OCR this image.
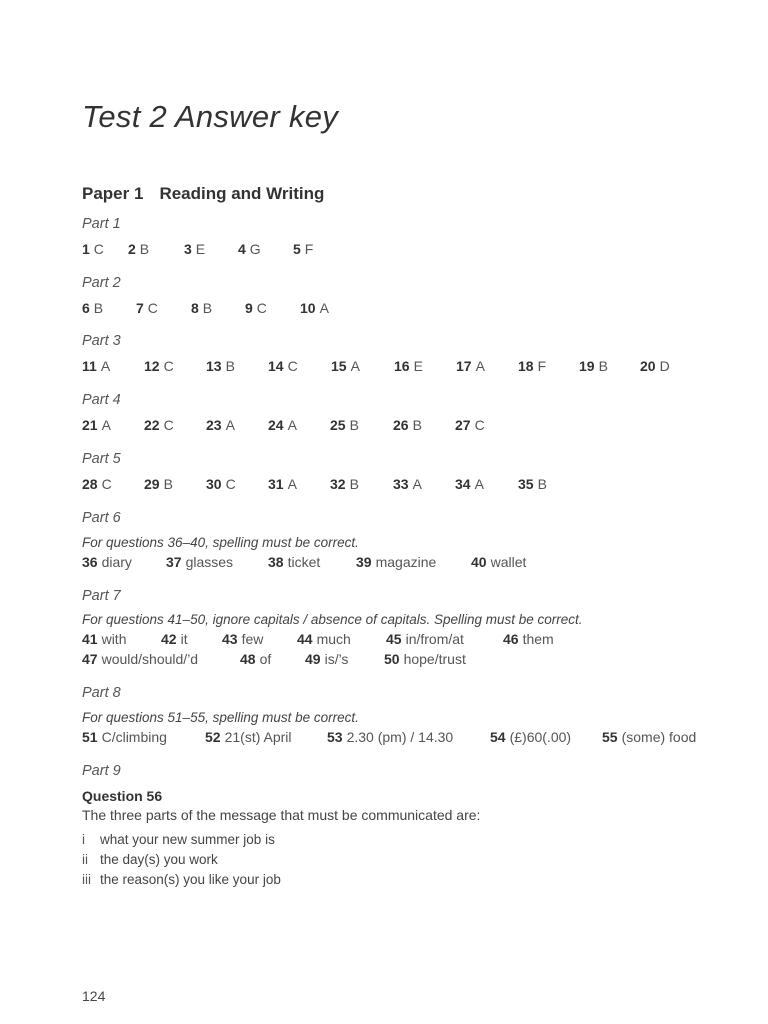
Test 2 Answer key
Paper 1 Reading and Writing
Part 1
1 C 2 B 3 E 4 G 5 F
Part 2
6 B 7 C 8 B 9 C 10 A
Part 3
11 A 12 C 13 B 14 C 15 A 16 E 17 A 18 F 19 B 20 D
Part 4
21 A 22 C 23 A 24 A 25 B 26 B 27 C
Part 5
28 C 29 B 30 C 31 A 32 B 33 A 34 A 35 B
Part 6
For questions 36–40, spelling must be correct.
36 diary 37 glasses 38 ticket	39 magazine 40 wallet
Part 7
For questions 41–50, ignore capitals / absence of capitals. Spelling must be correct.
41 with 42 it 43 few 44 much	45 in/from/at	46 them
47 would/should/’d	48 of 49 is/’s	50 hope/trust
Part 8
For questions 51–55, spelling must be correct.
51 C/climbing	52 21(st) April	53 2.30 (pm) / 14.30	54 (£)60(.00) 55 (some) food
Part 9
Question 56
The three parts of the message that must be communicated are:
i what your new summer job is
ii the day(s) you work
iii the reason(s) you like your job
124
